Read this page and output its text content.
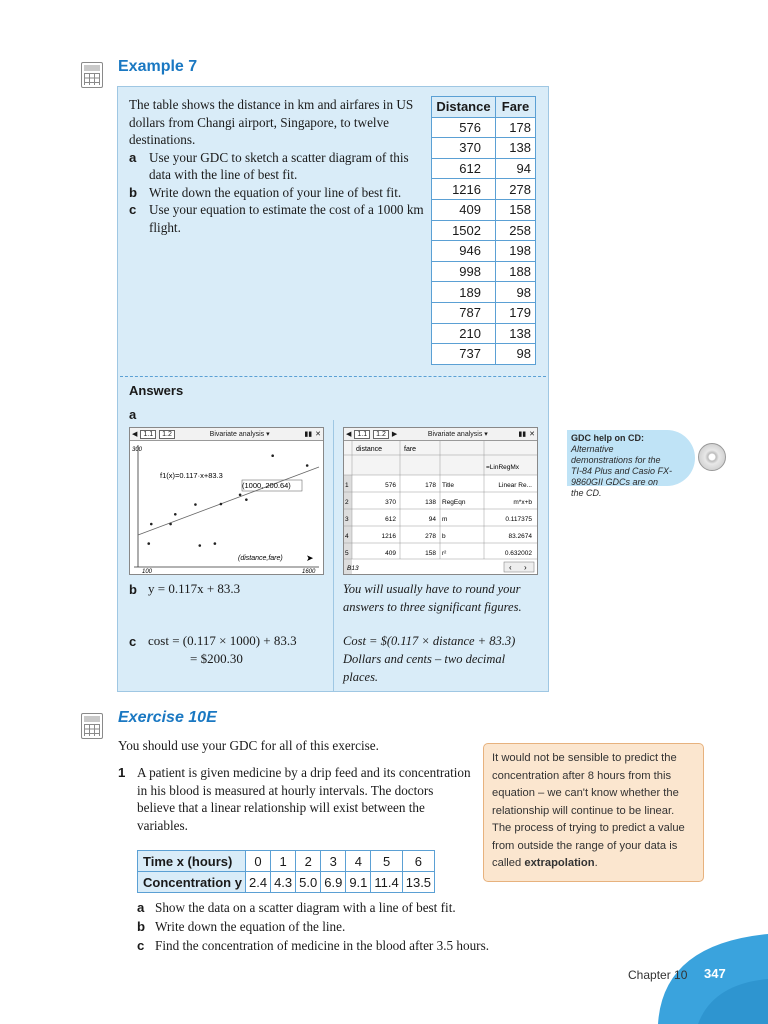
Example 7

The table shows the distance in km and airfares in US dollars from Changi airport, Singapore, to twelve destinations.

a Use your GDC to sketch a scatter diagram of this data with the line of best fit.
b Write down the equation of your line of best fit.
c Use your equation to estimate the cost of a 1000 km flight.
Distance	Fare
576	178
370	138
612	94
1216	278
409	158
1502	258
946	198
998	188
189	98
787	179
210	138
737	98
Answers
a
◀ 1.1	1.2	Bivariate analysis ▾	▮▮ ✕
300
f1(x)=0.117·x+83.3
(1000, 200.64)
(distance,fare)	➤
100	1600
◀ 1.1	1.2 ▶	Bivariate analysis ▾	▮▮ ✕
distance	fare
=LinRegMx
1	576	178 Title	Linear Re...
2	370	138 RegEqn	m*x+b
3	612	94 m	0.117375
4	1216	278 b	83.2674
5	409	158 r²	0.632002
B13	‹ ›
b y = 0.117x + 83.3	You will usually have to round your answers to three significant figures.
c cost = (0.117 × 1000) + 83.3
= $200.30
Cost = $(0.117 × distance + 83.3)
Dollars and cents – two decimal places.
GDC help on CD: Alternative demonstrations for the TI-84 Plus and Casio FX-9860GII GDCs are on the CD.
Exercise 10E
You should use your GDC for all of this exercise.
1 A patient is given medicine by a drip feed and its concentration in his blood is measured at hourly intervals. The doctors believe that a linear relationship will exist between the variables.
It would not be sensible to predict the concentration after 8 hours from this equation – we can't know whether the relationship will continue to be linear. The process of trying to predict a value from outside the range of your data is called extrapolation.
Time x (hours)	0	1	2	3	4	5	6
Concentration y	2.4	4.3	5.0	6.9	9.1	11.4	13.5
a Show the data on a scatter diagram with a line of best fit.
b Write down the equation of the line.
c Find the concentration of medicine in the blood after 3.5 hours.
Chapter 10 347
